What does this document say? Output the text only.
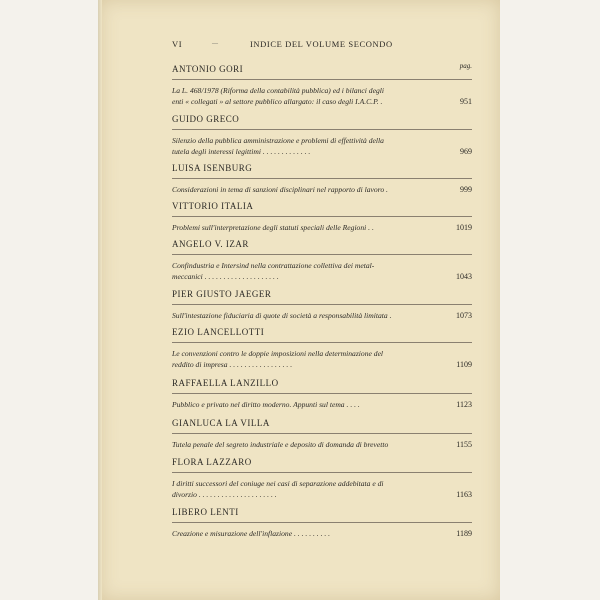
VI	—	INDICE DEL VOLUME SECONDO
ANTONIO GORI	pag.
La L. 468/1978 (Riforma della contabilità pubblica) ed i bilanci degli
enti « collegati » al settore pubblico allargato: il caso degli I.A.C.P. .	951
GUIDO GRECO
Silenzio della pubblica amministrazione e problemi di effettività della
tutela degli interessi legittimi . . . . . . . . . . . . .	969
LUISA ISENBURG
Considerazioni in tema di sanzioni disciplinari nel rapporto di lavoro .	999
VITTORIO ITALIA
Problemi sull'interpretazione degli statuti speciali delle Regioni . .	1019
ANGELO V. IZAR
Confindustria e Intersind nella contrattazione collettiva dei metal-
meccanici . . . . . . . . . . . . . . . . . . . .	1043
PIER GIUSTO JAEGER
Sull'intestazione fiduciaria di quote di società a responsabilità limitata .	1073
EZIO LANCELLOTTI
Le convenzioni contro le doppie imposizioni nella determinazione del
reddito di impresa . . . . . . . . . . . . . . . . .	1109
RAFFAELLA LANZILLO
Pubblico e privato nel diritto moderno. Appunti sul tema . . . .	1123
GIANLUCA LA VILLA
Tutela penale del segreto industriale e deposito di domanda di brevetto	1155
FLORA LAZZARO
I diritti successori del coniuge nei casi di separazione addebitata e di
divorzio . . . . . . . . . . . . . . . . . . . . .	1163
LIBERO LENTI
Creazione e misurazione dell'inflazione . . . . . . . . . .	1189
